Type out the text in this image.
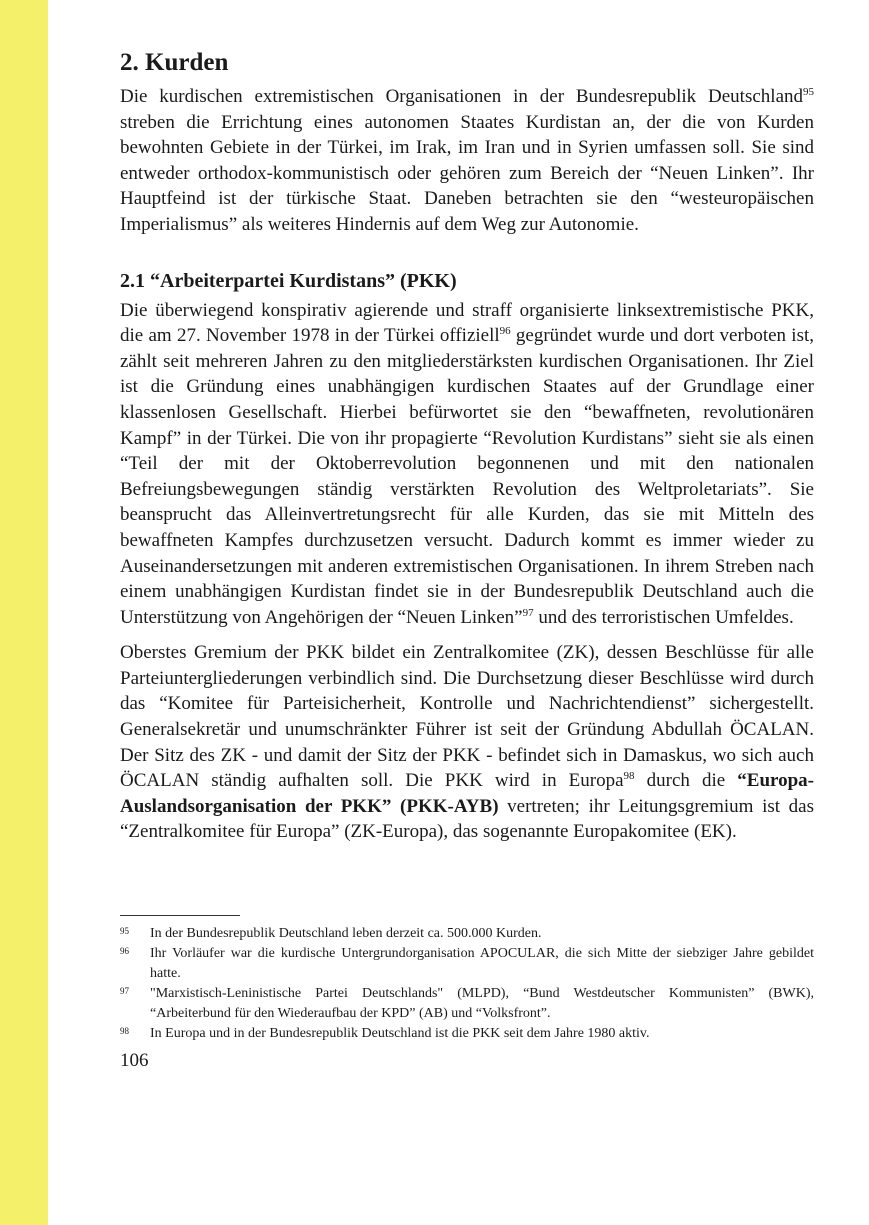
2. Kurden

Die kurdischen extremistischen Organisationen in der Bundesrepublik Deutschland$^{95}$ streben die Errichtung eines autonomen Staates Kurdistan an, der die von Kurden bewohnten Gebiete in der Türkei, im Irak, im Iran und in Syrien umfassen soll. Sie sind entweder orthodox-kommunistisch oder gehören zum Bereich der “Neuen Linken”. Ihr Hauptfeind ist der türkische Staat. Daneben betrachten sie den “westeuropäischen Imperialismus” als weiteres Hindernis auf dem Weg zur Autonomie.

2.1 “Arbeiterpartei Kurdistans” (PKK)

Die überwiegend konspirativ agierende und straff organisierte linksextremistische PKK, die am 27. November 1978 in der Türkei offiziell$^{96}$ gegründet wurde und dort verboten ist, zählt seit mehreren Jahren zu den mitgliederstärksten kurdischen Organisationen. Ihr Ziel ist die Gründung eines unabhängigen kurdischen Staates auf der Grundlage einer klassenlosen Gesellschaft. Hierbei befürwortet sie den “bewaffneten, revolutionären Kampf” in der Türkei. Die von ihr propagierte “Revolution Kurdistans” sieht sie als einen “Teil der mit der Oktoberrevolution begonnenen und mit den nationalen Befreiungsbewegungen ständig verstärkten Revolution des Weltproletariats”. Sie beansprucht das Alleinvertretungsrecht für alle Kurden, das sie mit Mitteln des bewaffneten Kampfes durchzusetzen versucht. Dadurch kommt es immer wieder zu Auseinandersetzungen mit anderen extremistischen Organisationen. In ihrem Streben nach einem unabhängigen Kurdistan findet sie in der Bundesrepublik Deutschland auch die Unterstützung von Angehörigen der “Neuen Linken”$^{97}$ und des terroristischen Umfeldes.

Oberstes Gremium der PKK bildet ein Zentralkomitee (ZK), dessen Beschlüsse für alle Parteiuntergliederungen verbindlich sind. Die Durchsetzung dieser Beschlüsse wird durch das “Komitee für Parteisicherheit, Kontrolle und Nachrichtendienst” sichergestellt. Generalsekretär und unumschränkter Führer ist seit der Gründung Abdullah ÖCALAN. Der Sitz des ZK - und damit der Sitz der PKK - befindet sich in Damaskus, wo sich auch ÖCALAN ständig aufhalten soll. Die PKK wird in Europa$^{98}$ durch die “Europa-Auslandsorganisation der PKK” (PKK-AYB) vertreten; ihr Leitungsgremium ist das “Zentralkomitee für Europa” (ZK-Europa), das sogenannte Europakomitee (EK).

95 In der Bundesrepublik Deutschland leben derzeit ca. 500.000 Kurden.
96 Ihr Vorläufer war die kurdische Untergrundorganisation APOCULAR, die sich Mitte der siebziger Jahre gebildet hatte.
97 "Marxistisch-Leninistische Partei Deutschlands" (MLPD), “Bund Westdeutscher Kommunisten” (BWK), “Arbeiterbund für den Wiederaufbau der KPD” (AB) und “Volksfront”.
98 In Europa und in der Bundesrepublik Deutschland ist die PKK seit dem Jahre 1980 aktiv.
106
